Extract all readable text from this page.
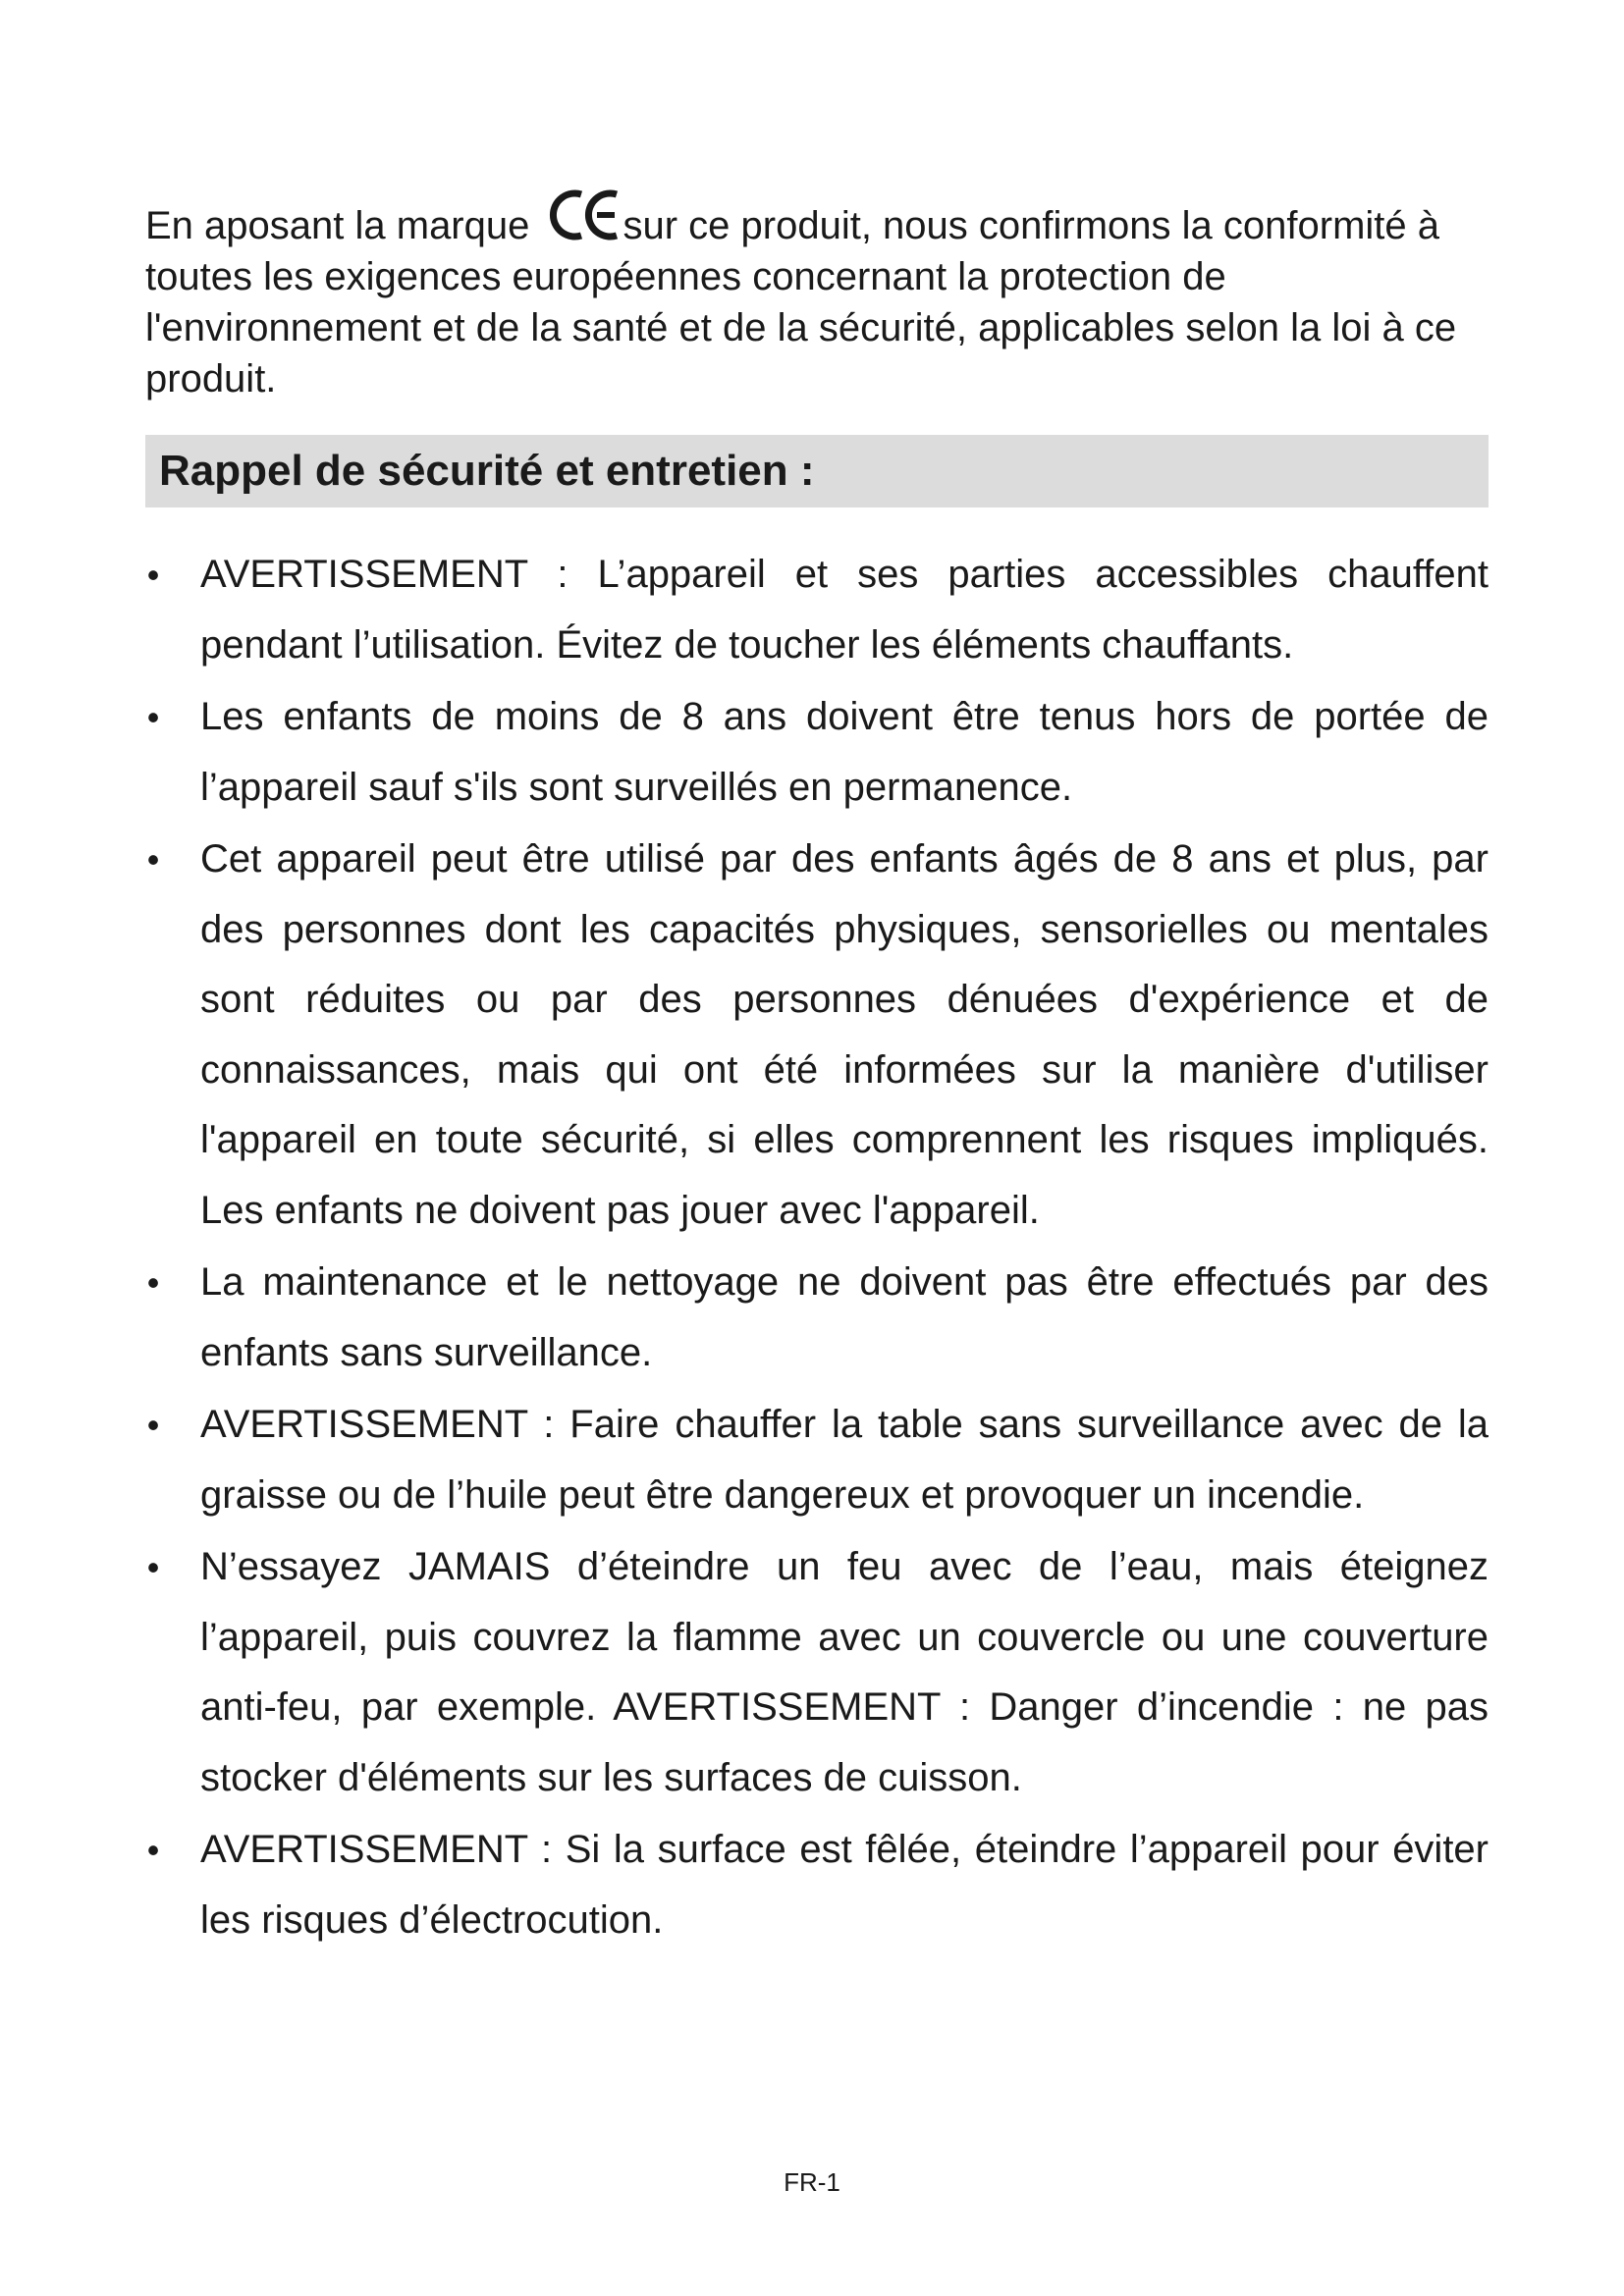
En aposant la marque
sur ce produit, nous confirmons la conformité à toutes les exigences européennes concernant la protection de l'environnement et de la santé et de la sécurité, applicables selon la loi à ce produit.

Rappel de sécurité et entretien :
• AVERTISSEMENT : L’appareil et ses parties accessibles chauffent pendant l’utilisation. Évitez de toucher les éléments chauffants.
• Les enfants de moins de 8 ans doivent être tenus hors de portée de l’appareil sauf s'ils sont surveillés en permanence.
• Cet appareil peut être utilisé par des enfants âgés de 8 ans et plus, par des personnes dont les capacités physiques, sensorielles ou mentales sont réduites ou par des personnes dénuées d'expérience et de connaissances, mais qui ont été informées sur la manière d'utiliser l'appareil en toute sécurité, si elles comprennent les risques impliqués. Les enfants ne doivent pas jouer avec l'appareil.
• La maintenance et le nettoyage ne doivent pas être effectués par des enfants sans surveillance.
• AVERTISSEMENT : Faire chauffer la table sans surveillance avec de la graisse ou de l’huile peut être dangereux et provoquer un incendie.
• N’essayez JAMAIS d’éteindre un feu avec de l’eau, mais éteignez l’appareil, puis couvrez la flamme avec un couvercle ou une couverture anti-feu, par exemple. AVERTISSEMENT : Danger d’incendie : ne pas stocker d'éléments sur les surfaces de cuisson.
• AVERTISSEMENT : Si la surface est fêlée, éteindre l’appareil pour éviter les risques d’électrocution.

FR-1
